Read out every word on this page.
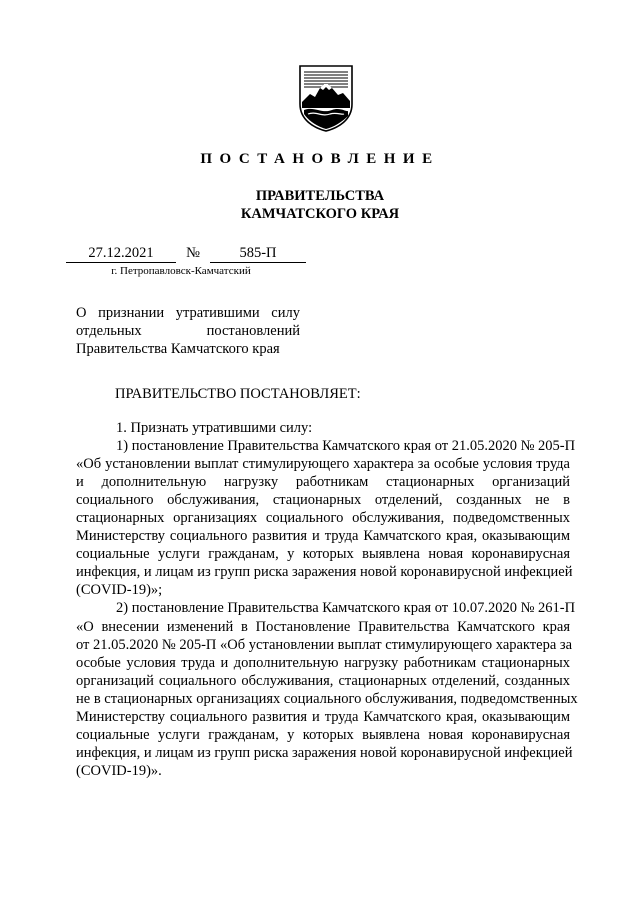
ПОСТАНОВЛЕНИЕ
ПРАВИТЕЛЬСТВА
КАМЧАТСКОГО КРАЯ
27.12.2021	№	585-П
г. Петропавловск-Камчатский
О признании утратившими силу
отдельных постановлений
Правительства Камчатского края
ПРАВИТЕЛЬСТВО ПОСТАНОВЛЯЕТ:
1. Признать утратившими силу:
1) постановление Правительства Камчатского края от 21.05.2020 № 205-П
«Об установлении выплат стимулирующего характера за особые условия труда
и дополнительную нагрузку работникам стационарных организаций
социального обслуживания, стационарных отделений, созданных не в
стационарных организациях социального обслуживания, подведомственных
Министерству социального развития и труда Камчатского края, оказывающим
социальные услуги гражданам, у которых выявлена новая коронавирусная
инфекция, и лицам из групп риска заражения новой коронавирусной инфекцией
(COVID-19)»;
2) постановление Правительства Камчатского края от 10.07.2020 № 261-П
«О внесении изменений в Постановление Правительства Камчатского края
от 21.05.2020 № 205-П «Об установлении выплат стимулирующего характера за
особые условия труда и дополнительную нагрузку работникам стационарных
организаций социального обслуживания, стационарных отделений, созданных
не в стационарных организациях социального обслуживания, подведомственных
Министерству социального развития и труда Камчатского края, оказывающим
социальные услуги гражданам, у которых выявлена новая коронавирусная
инфекция, и лицам из групп риска заражения новой коронавирусной инфекцией
(COVID-19)».
